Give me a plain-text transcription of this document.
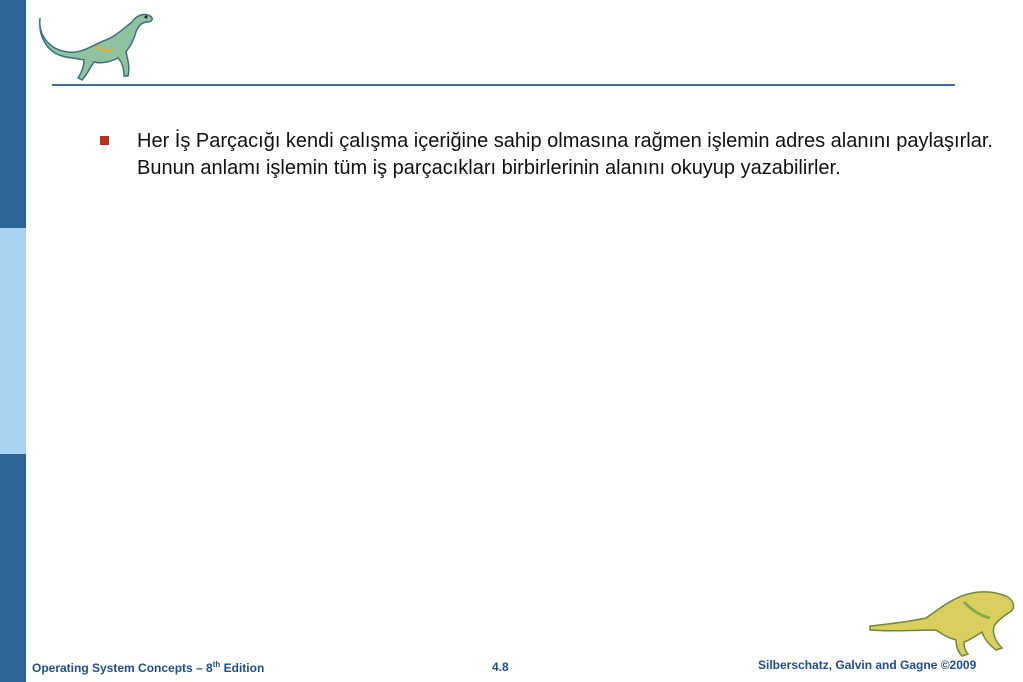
Her İş Parçacığı kendi çalışma içeriğine sahip olmasına rağmen işlemin adres alanını paylaşırlar. Bunun anlamı işlemin tüm iş parçacıkları birbirlerinin alanını okuyup yazabilirler.
Operating System Concepts – 8th Edition	4.8	Silberschatz, Galvin and Gagne ©2009
